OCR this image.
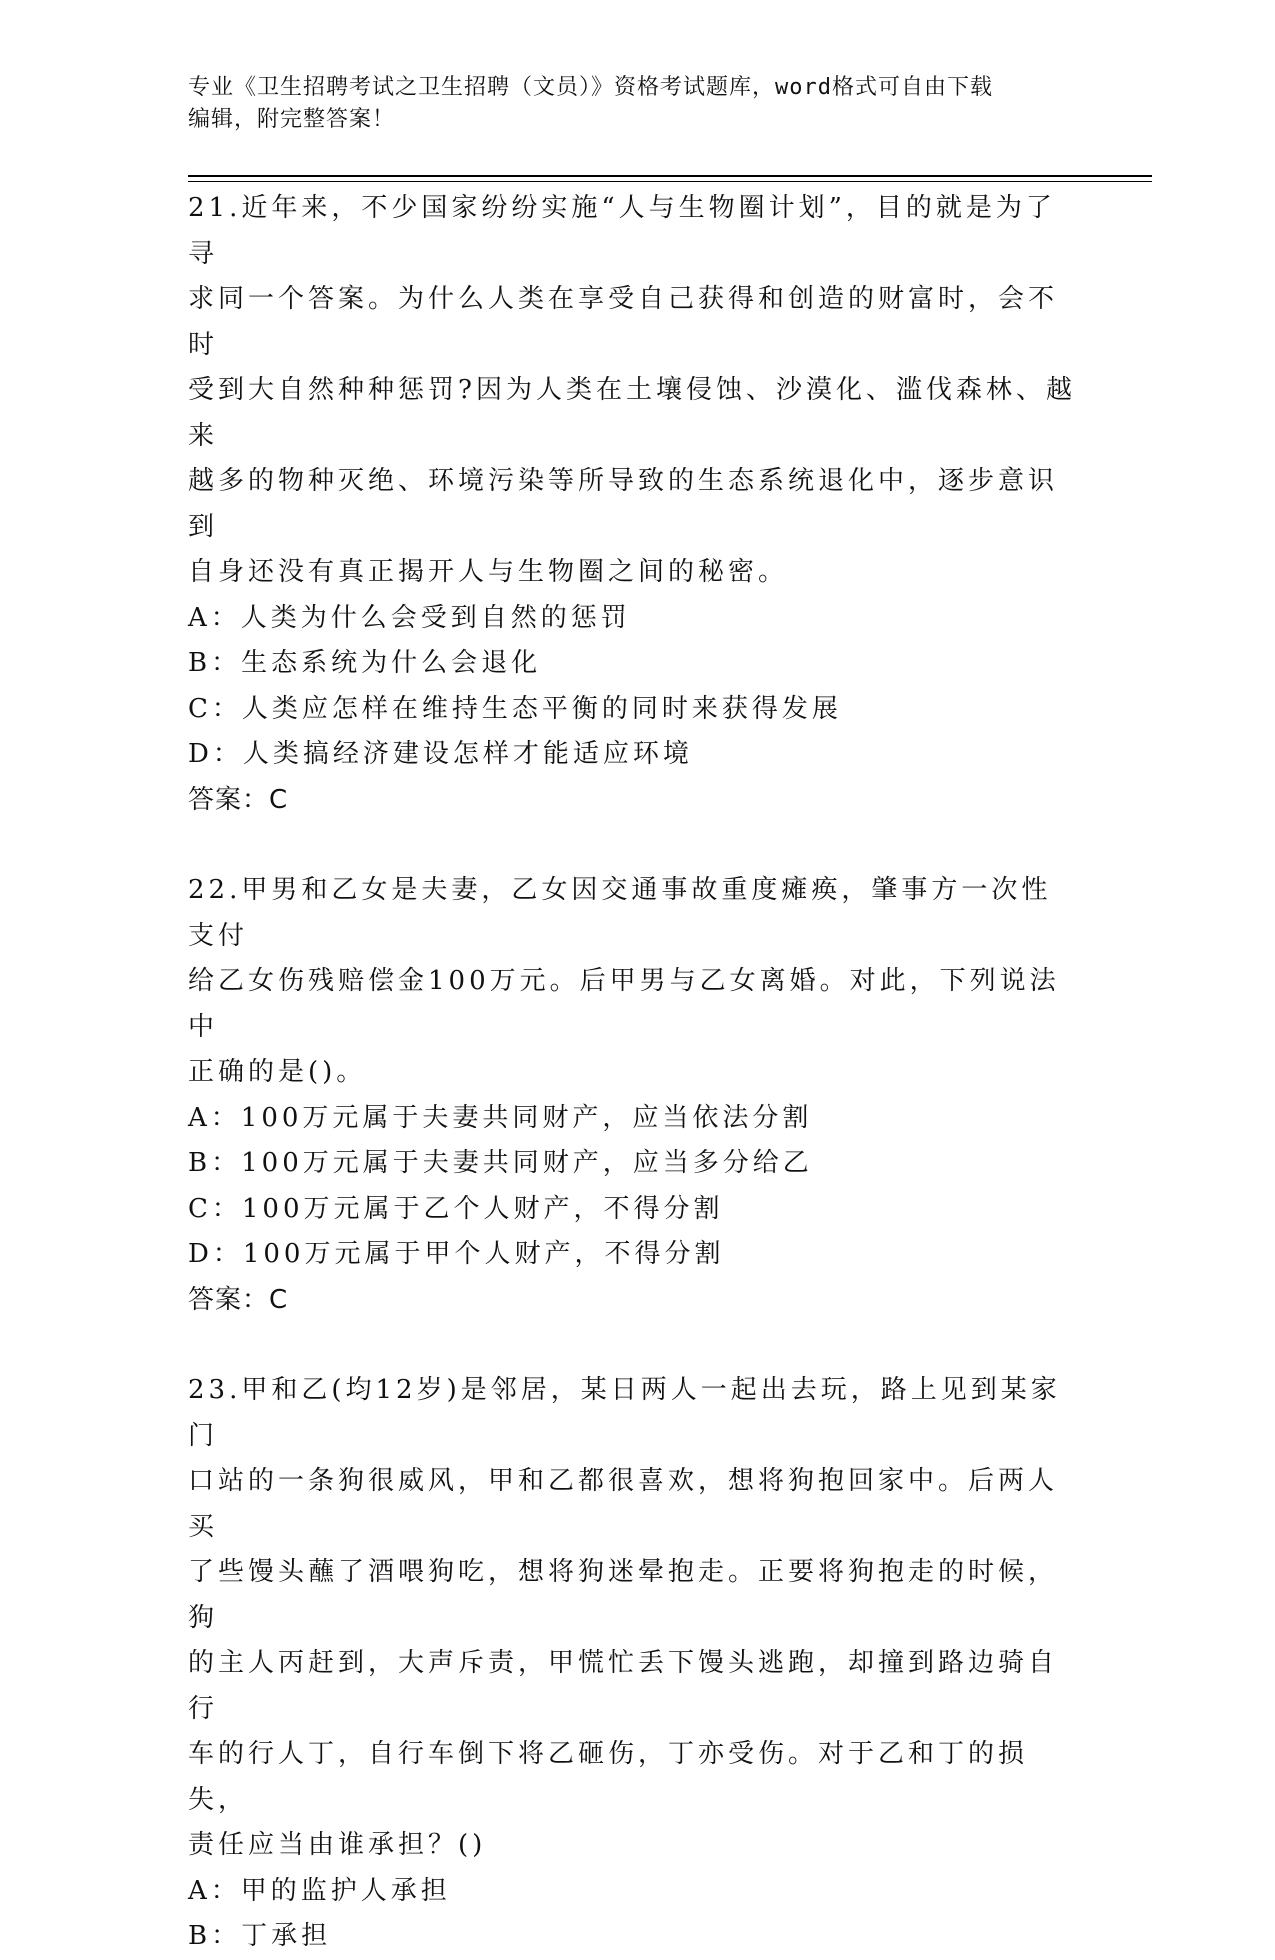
专业《卫生招聘考试之卫生招聘（文员）》资格考试题库，word格式可自由下载
编辑，附完整答案！

21.近年来，不少国家纷纷实施“人与生物圈计划”，目的就是为了寻

求同一个答案。为什么人类在享受自己获得和创造的财富时，会不时

受到大自然种种惩罚?因为人类在土壤侵蚀、沙漠化、滥伐森林、越来

越多的物种灭绝、环境污染等所导致的生态系统退化中，逐步意识到

自身还没有真正揭开人与生物圈之间的秘密。

A：人类为什么会受到自然的惩罚

B：生态系统为什么会退化

C：人类应怎样在维持生态平衡的同时来获得发展

D：人类搞经济建设怎样才能适应环境

答案：C

22.甲男和乙女是夫妻，乙女因交通事故重度瘫痪，肇事方一次性支付

给乙女伤残赔偿金100万元。后甲男与乙女离婚。对此，下列说法中

正确的是()。

A：100万元属于夫妻共同财产，应当依法分割

B：100万元属于夫妻共同财产，应当多分给乙

C：100万元属于乙个人财产，不得分割

D：100万元属于甲个人财产，不得分割

答案：C

23.甲和乙(均12岁)是邻居，某日两人一起出去玩，路上见到某家门

口站的一条狗很威风，甲和乙都很喜欢，想将狗抱回家中。后两人买

了些馒头蘸了酒喂狗吃，想将狗迷晕抱走。正要将狗抱走的时候，狗

的主人丙赶到，大声斥责，甲慌忙丢下馒头逃跑，却撞到路边骑自行

车的行人丁，自行车倒下将乙砸伤，丁亦受伤。对于乙和丁的损失，

责任应当由谁承担？()

A：甲的监护人承担

B：丁承担
